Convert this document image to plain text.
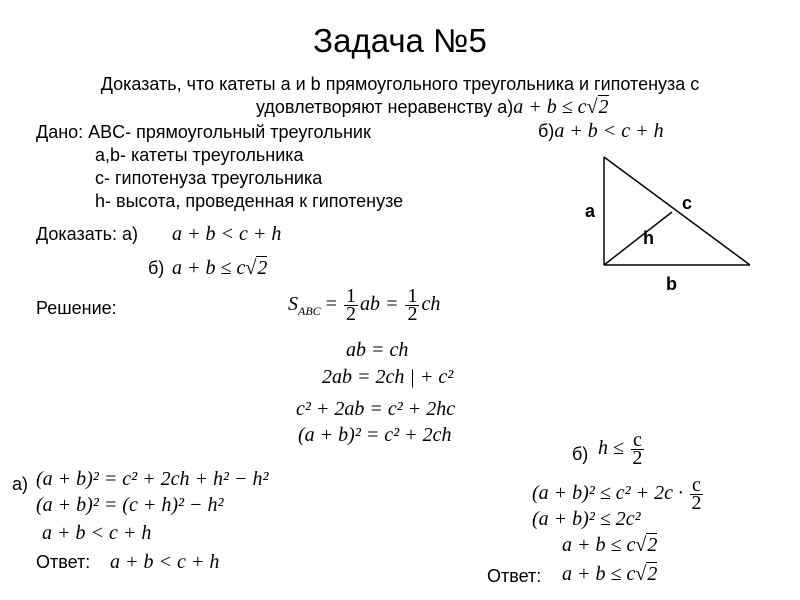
Задача №5
Доказать, что катеты a и b прямоугольного треугольника и гипотенуза c
удовлетворяют неравенству а)a + b ≤ c√2
б)a + b < c + h
Дано: ABC- прямоугольный треугольник
a,b- катеты треугольника
c- гипотенуза треугольника
h- высота, проведенная к гипотенузе
Доказать: а) a + b < c + h
б) a + b ≤ c√2
a	c
h
b
Решение:	$S_{ABC} = \frac{1}{2}$ ab = $\frac{1}{2}$ ch
ab = ch
2ab = 2ch | + c²
c² + 2ab = c² + 2hc
(a + b)² = c² + 2ch
а) (a + b)² = c² + 2ch + h² − h²
(a + b)² = (c + h)² − h²
a + b < c + h
Ответ: a + b < c + h
б) $h \le \frac{c}{2}$
$(a + b)^2 \le c^2 + 2c \cdot \frac{c}{2}$
(a + b)² ≤ 2c²
a + b ≤ c√2
Ответ: a + b ≤ c√2
